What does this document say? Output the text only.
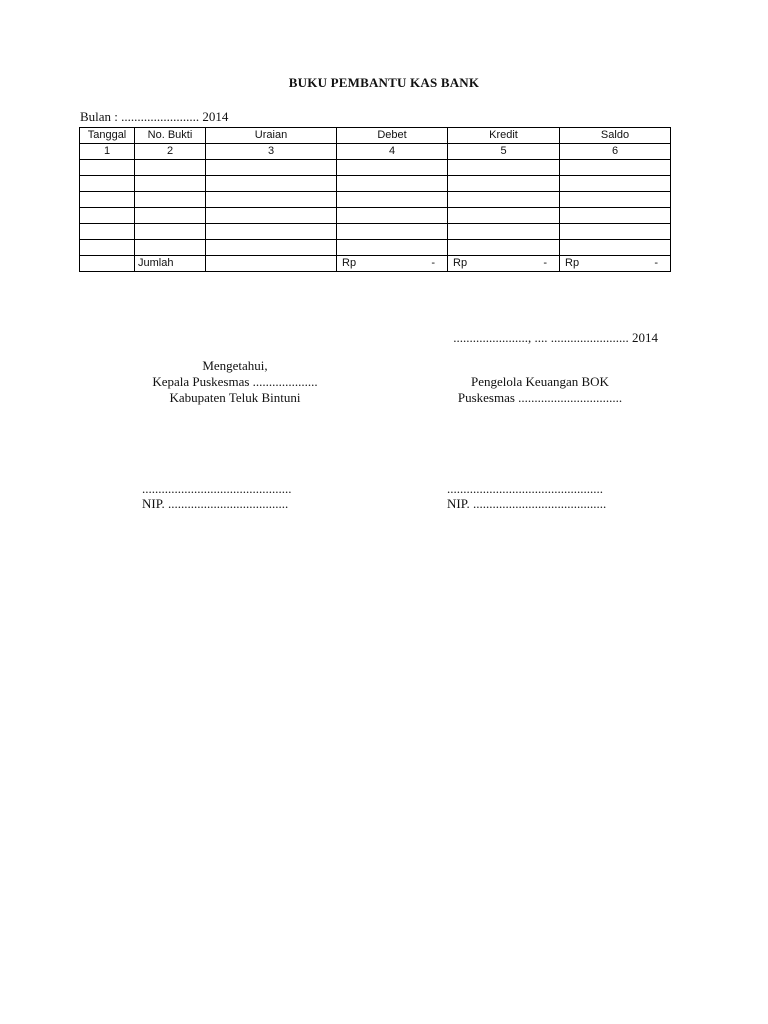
BUKU PEMBANTU KAS BANK
Bulan : ........................ 2014
Tanggal	No. Bukti	Uraian	Debet	Kredit	Saldo
1	2	3	4	5	6

	Jumlah		Rp -	Rp -	Rp -
......................., .... ........................ 2014
Mengetahui,
Kepala Puskesmas ....................
Kabupaten Teluk Bintuni
Pengelola Keuangan BOK
Puskesmas ................................
..............................................
NIP. .....................................
................................................
NIP. .........................................
